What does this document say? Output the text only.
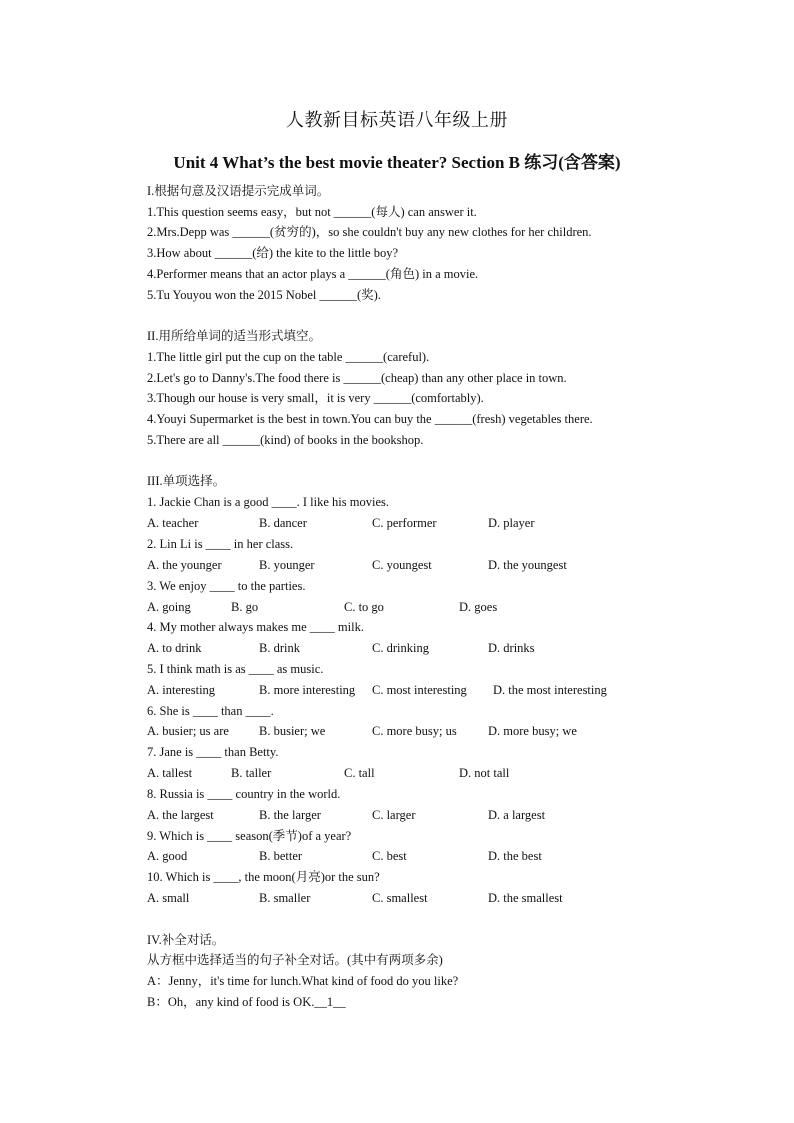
人教新目标英语八年级上册
Unit 4 What’s the best movie theater? Section B 练习(含答案)
I.根据句意及汉语提示完成单词。
1.This question seems easy，but not ______(每人) can answer it.
2.Mrs.Depp was ______(贫穷的)，so she couldn't buy any new clothes for her children.
3.How about ______(给) the kite to the little boy?
4.Performer means that an actor plays a ______(角色) in a movie.
5.Tu Youyou won the 2015 Nobel ______(奖).
II.用所给单词的适当形式填空。
1.The little girl put the cup on the table ______(careful).
2.Let's go to Danny's.The food there is ______(cheap) than any other place in town.
3.Though our house is very small，it is very ______(comfortably).
4.Youyi Supermarket is the best in town.You can buy the ______(fresh) vegetables there.
5.There are all ______(kind) of books in the bookshop.
III.单项选择。
1. Jackie Chan is a good ____. I like his movies.
A. teacher	B. dancer	C. performer	D. player
2. Lin Li is ____ in her class.
A. the younger	B. younger	C. youngest	D. the youngest
3. We enjoy ____ to the parties.
A. going	B. go	C. to go	D. goes
4. My mother always makes me ____ milk.
A. to drink	B. drink	C. drinking	D. drinks
5. I think math is as ____ as music.
A. interesting	B. more interesting C. most interesting D. the most interesting
6. She is ____ than ____.
A. busier; us are B. busier; we	C. more busy; us	D. more busy; we
7. Jane is ____ than Betty.
A. tallest	B. taller	C. tall	D. not tall
8. Russia is ____ country in the world.
A. the largest	B. the larger	C. larger	D. a largest
9. Which is ____ season(季节)of a year?
A. good	B. better	C. best	D. the best
10. Which is ____, the moon(月亮)or the sun?
A. small	B. smaller	C. smallest	D. the smallest
IV.补全对话。
从方框中选择适当的句子补全对话。(其中有两项多余)
A：Jenny，it's time for lunch.What kind of food do you like?
B：Oh，any kind of food is OK.__1__
